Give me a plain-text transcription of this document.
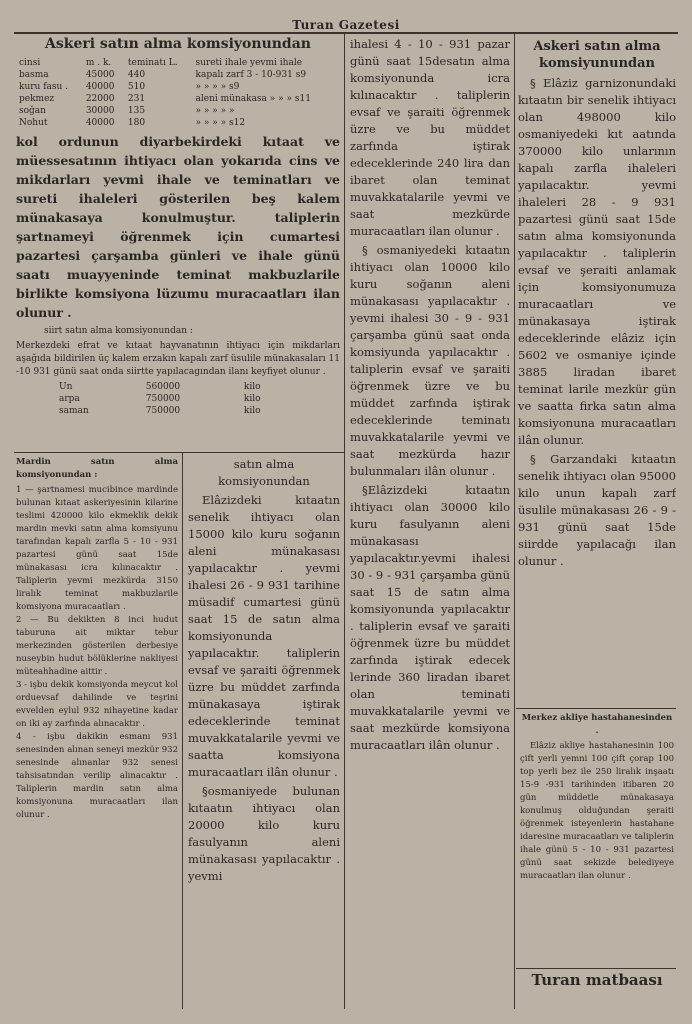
Turan Gazetesi
Askeri satın alma komsiyonundan
cinsi	m . k.	teminatı L.	sureti ihale yevmi ihale
basma	45000	440	kapalı zarf 3 - 10-931 s9
kuru fasu .	40000	510	» » » » s9
pekmez	22000	231	aleni münakasa » » » s11
soğan	30000	135	» » » » »
Nohut	40000	180	» » » » s12

kol ordunun diyarbekirdeki kıtaat ve müessesatının ihtiyacı olan yokarıda cins ve mikdarları yevmi ihale ve teminatları ve sureti ihaleleri gösterilen beş kalem münakasaya konulmuştur. taliplerin şartnameyi öğrenmek için cumartesi pazartesi çarşamba günleri ve ihale günü saatı muayyeninde teminat makbuzlarile birlikte komsiyona lüzumu muracaatları ilan olunur .

siirt satın alma komsiyonundan :

Merkezdeki efrat ve kıtaat hayvanatının ihtiyacı için mikdarları aşağıda bildirilen üç kalem erzakın kapalı zarf üsulile münakasaları 11 -10 931 günü saat onda siirtte yapılacagından ilanı keyfiyet olunur .

Un	560000	kilo
arpa	750000	kilo
saman	750000	kilo

Mardin satın alma komsiyonundan :

1 — şartnamesi mucibince mardinde bulunan kıtaat askeriyesinin kilarine teslimi 420000 kilo ekmeklik dekik mardin mevki satın alma komsiyunu tarafından kapalı zarfla 5 - 10 - 931 pazartesi günü saat 15de münakasası icra kılınacaktır . Taliplerin yevmi mezkürda 3150 liralık teminat makbuzlarile komsiyona muracaatları .
2 — Bu dekikten 8 inci hudut taburuna ait miktar tebur merkezinden gösterilen derbesiye nuseybin hudut bölüklerine nakliyesi müteahhadine aittir .
3 - işbu dekik komsiyonda meycut kol orduevsaf dahilinde ve teşrini evvelden eylul 932 nihayetine kadar on iki ay zarfında alınacaktır .
4 - işbu dakikin esmanı 931 senesinden alınan seneyi mezkür 932 senesinde alınanlar 932 senesi tahsisatından verilip alınacaktır . Taliplerin mardin satın alma komsiyonuna muracaatları ilan olunur .

satın alma komsiyonundan

Elâzizdeki kıtaatın senelik ihtiyacı olan 15000 kilo kuru soğanın aleni münakasası yapılacaktır . yevmi ihalesi 26 - 9 931 tarihine müsadif cumartesi günü saat 15 de satın alma komsiyonunda yapılacaktır. taliplerin evsaf ve şaraiti öğrenmek üzre bu müddet zarfında münakasaya iştirak edeceklerinde teminat muvakkatalarile yevmi ve saatta komsiyona muracaatları ilân olunur .

§osmaniyede bulunan kıtaatın ihtiyacı olan 20000 kilo kuru fasulyanın aleni münakasası yapılacaktır . yevmi

ihalesi 4 - 10 - 931 pazar günü saat 15desatın alma komsiyonunda icra kılınacaktır . taliplerin evsaf ve şaraiti öğrenmek üzre ve bu müddet zarfında iştirak edeceklerinde 240 lira dan ibaret olan teminat muvakkatalarile yevmi ve saat mezkürde muracaatları ilan olunur .

§ osmaniyedeki kıtaatın ihtiyacı olan 10000 kilo kuru soğanın aleni münakasası yapılacaktır . yevmi ihalesi 30 - 9 - 931 çarşamba günü saat onda komsiyunda yapılacaktır . taliplerin evsaf ve şaraiti öğrenmek üzre ve bu müddet zarfında iştirak edeceklerinde teminatı muvakkatalarile yevmi ve saat mezkürda hazır bulunmaları ilân olunur .

§Elâzizdeki kıtaatın ihtiyacı olan 30000 kilo kuru fasulyanın aleni münakasası yapılacaktır.yevmi ihalesi 30 - 9 - 931 çarşamba günü saat 15 de satın alma komsiyonunda yapılacaktır . taliplerin evsaf ve şaraiti öğrenmek üzre bu müddet zarfında iştirak edecek lerinde 360 liradan ibaret olan teminati muvakkatalarile yevmi ve saat mezkürde komsiyona muracaatları ilân olunur .

Askeri satın alma komsiyunundan

§ Elâziz garnizonundaki kıtaatın bir senelik ihtiyacı olan 498000 kilo osmaniyedeki kıt aatında 370000 kilo unlarının kapalı zarfla ihaleleri yapılacaktır. yevmi ihaleleri 28 - 9 931 pazartesi günü saat 15de satın alma komsiyonunda yapılacaktır . taliplerin evsaf ve şeraiti anlamak için komsiyonumuza muracaatları ve münakasaya iştirak edeceklerinde elâziz için 5602 ve osmaniye içinde 3885 liradan ibaret teminat larile mezkür gün ve saatta firka satın alma komsiyonuna muracaatları ilân olunur.

§ Garzandaki kıtaatın senelik ihtiyacı olan 95000 kilo unun kapalı zarf üsulile münakasası 26 - 9 - 931 günü saat 15de siirdde yapılacağı ilan olunur .

Merkez akliye hastahanesinden .

Elâziz akliye hastahanesinin 100 çift yerli yemni 100 çift çorap 100 top yerli bez ile 250 liralık inşaatı 15-9 -931 tarihinden itibaren 20 gün müddetle münakasaya konulmuş olduğundan şeraiti öğrenmek isteyenlerin hastahane idaresine muracaatları ve taliplerin ihale günü 5 - 10 - 931 pazartesi günü saat sekizde belediyeye muracaatları ilan olunur .

Turan matbaası
